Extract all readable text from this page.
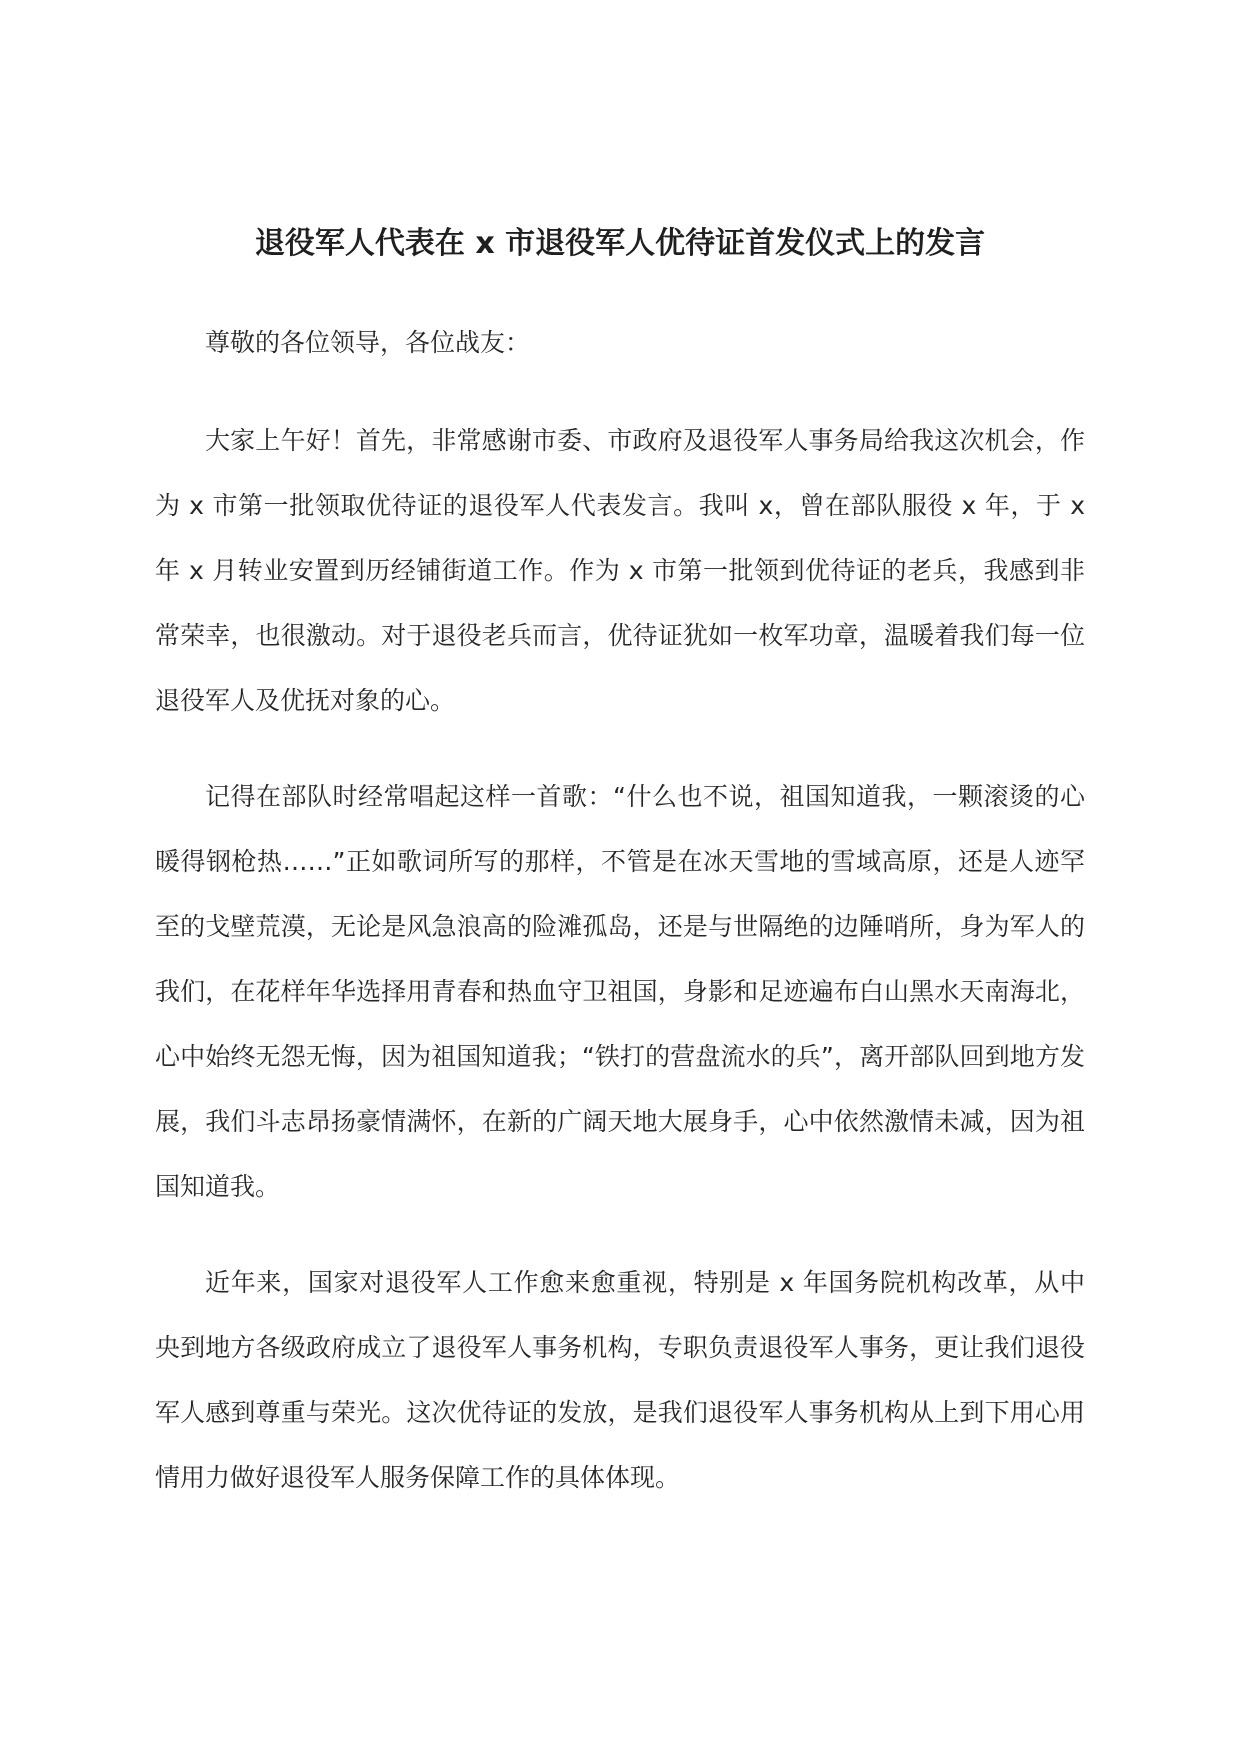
退役军人代表在 x 市退役军人优待证首发仪式上的发言

尊敬的各位领导，各位战友：

大家上午好！首先，非常感谢市委、市政府及退役军人事务局给我这次机会，作为 x 市第一批领取优待证的退役军人代表发言。我叫 x，曾在部队服役 x 年，于 x 年 x 月转业安置到历经铺街道工作。作为 x 市第一批领到优待证的老兵，我感到非常荣幸，也很激动。对于退役老兵而言，优待证犹如一枚军功章，温暖着我们每一位退役军人及优抚对象的心。

记得在部队时经常唱起这样一首歌：“什么也不说，祖国知道我，一颗滚烫的心暖得钢枪热……”正如歌词所写的那样，不管是在冰天雪地的雪域高原，还是人迹罕至的戈壁荒漠，无论是风急浪高的险滩孤岛，还是与世隔绝的边陲哨所，身为军人的我们，在花样年华选择用青春和热血守卫祖国，身影和足迹遍布白山黑水天南海北，心中始终无怨无悔，因为祖国知道我；“铁打的营盘流水的兵”，离开部队回到地方发展，我们斗志昂扬豪情满怀，在新的广阔天地大展身手，心中依然激情未减，因为祖国知道我。

近年来，国家对退役军人工作愈来愈重视，特别是 x 年国务院机构改革，从中央到地方各级政府成立了退役军人事务机构，专职负责退役军人事务，更让我们退役军人感到尊重与荣光。这次优待证的发放，是我们退役军人事务机构从上到下用心用情用力做好退役军人服务保障工作的具体体现。
